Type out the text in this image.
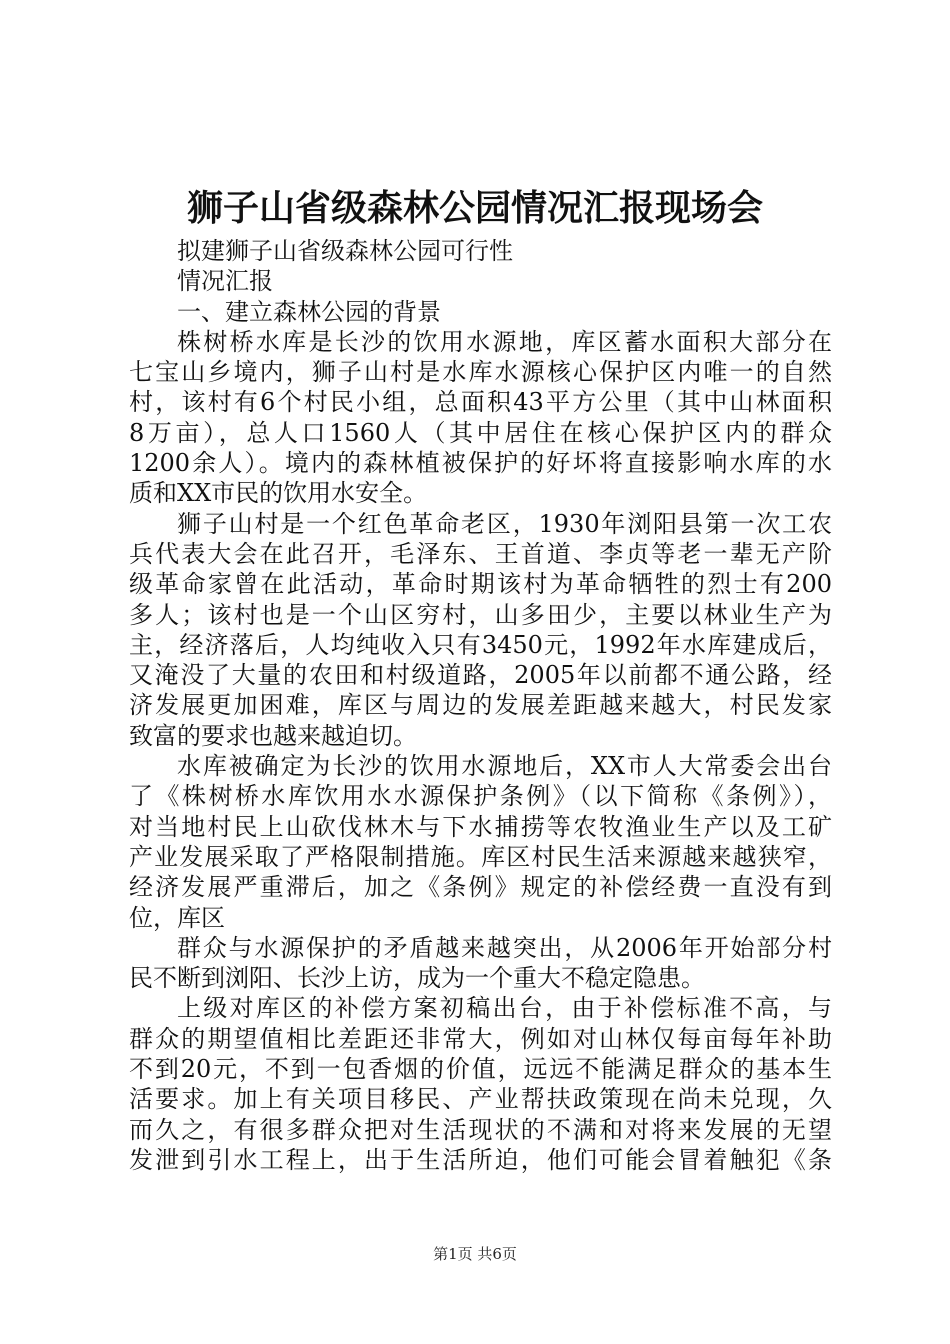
狮子山省级森林公园情况汇报现场会
拟建狮子山省级森林公园可行性
情况汇报
一、建立森林公园的背景
株树桥水库是长沙的饮用水源地，库区蓄水面积大部分在
七宝山乡境内，狮子山村是水库水源核心保护区内唯一的自然
村，该村有6个村民小组，总面积43平方公里（其中山林面积
8万亩），总人口1560人（其中居住在核心保护区内的群众
1200余人）。境内的森林植被保护的好坏将直接影响水库的水
质和XX市民的饮用水安全。
狮子山村是一个红色革命老区，1930年浏阳县第一次工农
兵代表大会在此召开，毛泽东、王首道、李贞等老一辈无产阶
级革命家曾在此活动，革命时期该村为革命牺牲的烈士有200
多人；该村也是一个山区穷村，山多田少，主要以林业生产为
主，经济落后，人均纯收入只有3450元，1992年水库建成后，
又淹没了大量的农田和村级道路，2005年以前都不通公路，经
济发展更加困难，库区与周边的发展差距越来越大，村民发家
致富的要求也越来越迫切。
水库被确定为长沙的饮用水源地后，XX市人大常委会出台
了《株树桥水库饮用水水源保护条例》（以下简称《条例》），
对当地村民上山砍伐林木与下水捕捞等农牧渔业生产以及工矿
产业发展采取了严格限制措施。库区村民生活来源越来越狭窄，
经济发展严重滞后，加之《条例》规定的补偿经费一直没有到
位，库区
群众与水源保护的矛盾越来越突出，从2006年开始部分村
民不断到浏阳、长沙上访，成为一个重大不稳定隐患。
上级对库区的补偿方案初稿出台，由于补偿标准不高，与
群众的期望值相比差距还非常大，例如对山林仅每亩每年补助
不到20元，不到一包香烟的价值，远远不能满足群众的基本生
活要求。加上有关项目移民、产业帮扶政策现在尚未兑现，久
而久之，有很多群众把对生活现状的不满和对将来发展的无望
发泄到引水工程上，出于生活所迫，他们可能会冒着触犯《条
第1页 共6页
